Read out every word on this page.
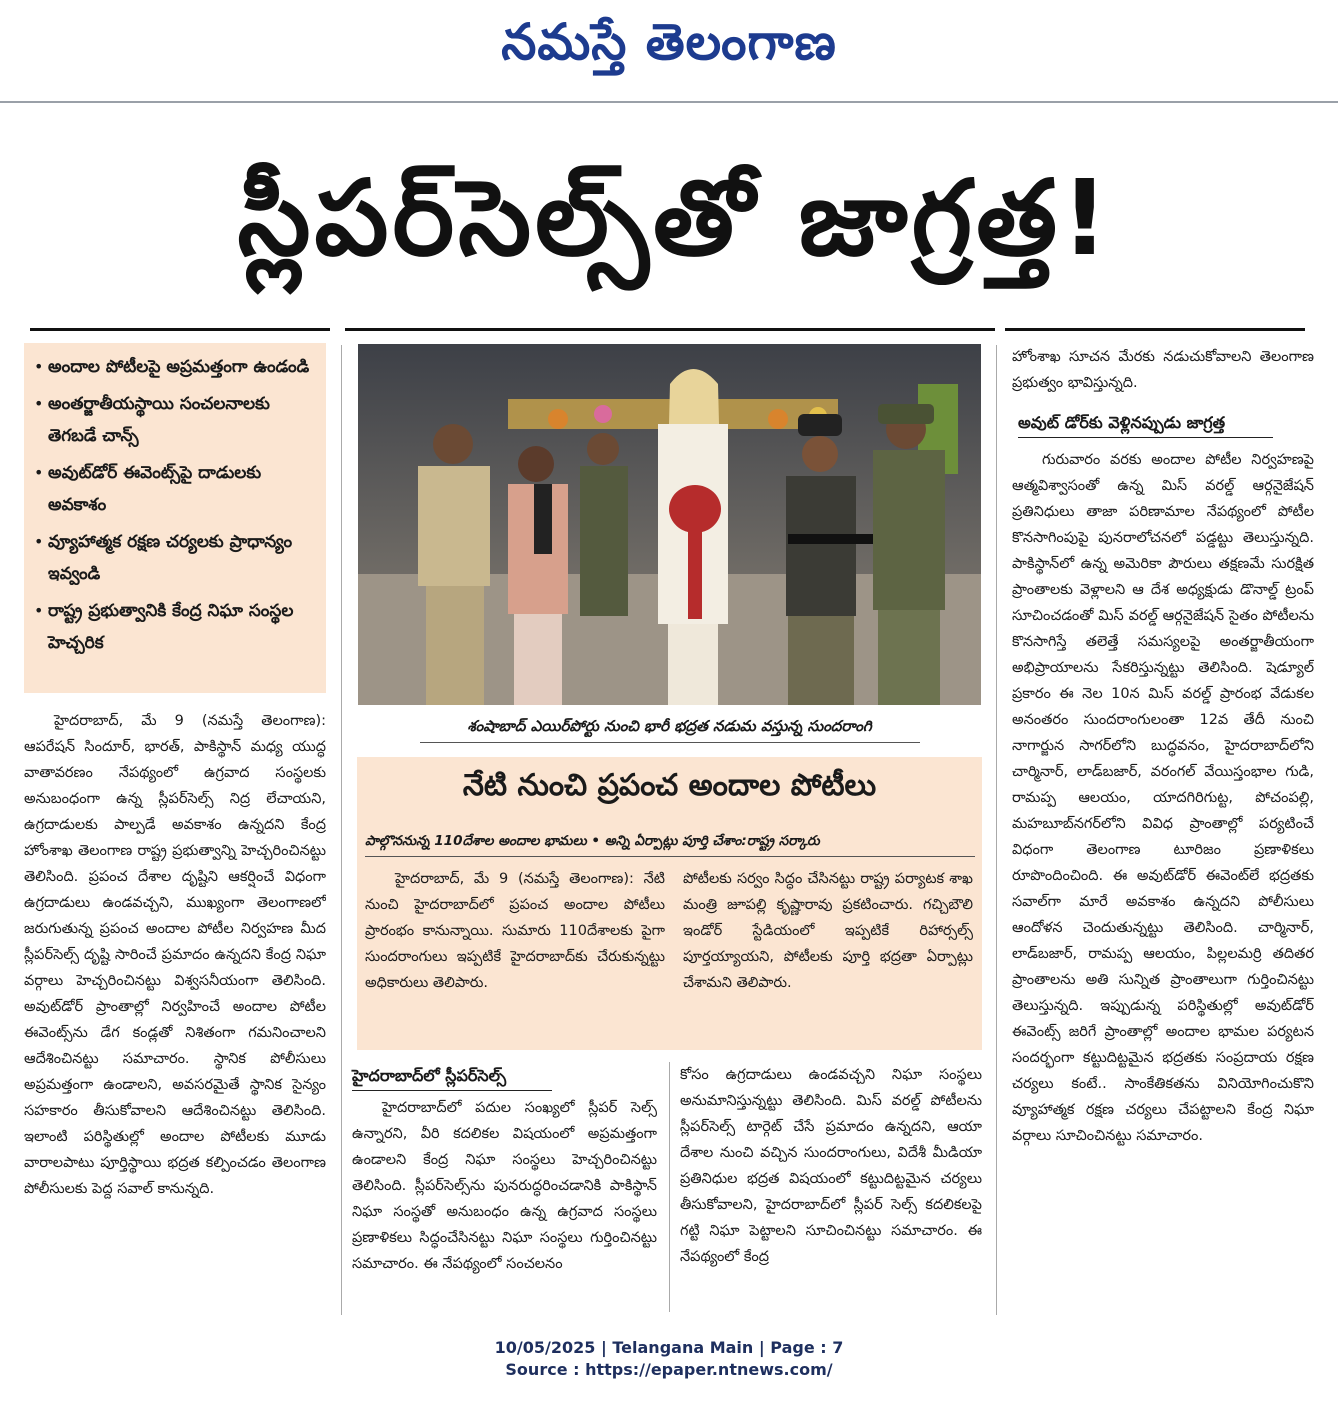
నమస్తే తెలంగాణ
స్లీపర్‌సెల్స్‌తో జాగ్రత్త!
• అందాల పోటీలపై అప్రమత్తంగా ఉండండి
• అంతర్జాతీయస్థాయి సంచలనాలకు తెగబడే చాన్స్
• అవుట్‌డోర్ ఈవెంట్స్‌పై దాడులకు అవకాశం
• వ్యూహాత్మక రక్షణ చర్యలకు ప్రాధాన్యం ఇవ్వండి
• రాష్ట్ర ప్రభుత్వానికి కేంద్ర నిఘా సంస్థల హెచ్చరిక

హైదరాబాద్, మే 9 (నమస్తే తెలంగాణ): ఆపరేషన్ సిందూర్, భారత్, పాకిస్థాన్ మధ్య యుద్ధ వాతావరణం నేపథ్యంలో ఉగ్రవాద సంస్థలకు అనుబంధంగా ఉన్న స్లీపర్‌సెల్స్ నిద్ర లేచాయని, ఉగ్రదాడులకు పాల్పడే అవకాశం ఉన్నదని కేంద్ర హోంశాఖ తెలంగాణ రాష్ట్ర ప్రభుత్వాన్ని హెచ్చరించినట్టు తెలిసింది. ప్రపంచ దేశాల దృష్టిని ఆకర్షించే విధంగా ఉగ్రదాడులు ఉండవచ్చని, ముఖ్యంగా తెలంగాణలో జరుగుతున్న ప్రపంచ అందాల పోటీల నిర్వహణ మీద స్లీపర్‌సెల్స్ దృష్టి సారించే ప్రమాదం ఉన్నదని కేంద్ర నిఘా వర్గాలు హెచ్చరించినట్టు విశ్వసనీయంగా తెలిసింది. అవుట్‌డోర్ ప్రాంతాల్లో నిర్వహించే అందాల పోటీల ఈవెంట్స్‌ను డేగ కండ్లతో నిశితంగా గమనించాలని ఆదేశించినట్టు సమాచారం. స్థానిక పోలీసులు అప్రమత్తంగా ఉండాలని, అవసరమైతే స్థానిక సైన్యం సహకారం తీసుకోవాలని ఆదేశించినట్టు తెలిసింది. ఇలాంటి పరిస్థితుల్లో అందాల పోటీలకు మూడు వారాలపాటు పూర్తిస్థాయి భద్రత కల్పించడం తెలంగాణ పోలీసులకు పెద్ద సవాల్ కానున్నది.

శంషాబాద్ ఎయిర్‌పోర్టు నుంచి భారీ భద్రత నడుమ వస్తున్న సుందరాంగి
నేటి నుంచి ప్రపంచ అందాల పోటీలు
పాల్గొననున్న 110దేశాల అందాల భామలు • అన్ని ఏర్పాట్లు పూర్తి చేశాం:రాష్ట్ర సర్కారు

హైదరాబాద్, మే 9 (నమస్తే తెలంగాణ): నేటి నుంచి హైదరాబాద్‌లో ప్రపంచ అందాల పోటీలు ప్రారంభం కానున్నాయి. సుమారు 110దేశాలకు పైగా సుందరాంగులు ఇప్పటికే హైదరాబాద్‌కు చేరుకున్నట్టు అధికారులు తెలిపారు.

పోటీలకు సర్వం సిద్ధం చేసినట్టు రాష్ట్ర పర్యాటక శాఖ మంత్రి జూపల్లి కృష్ణారావు ప్రకటించారు. గచ్చిబౌలి ఇండోర్ స్టేడియంలో ఇప్పటికే రిహార్సల్స్ పూర్తయ్యాయని, పోటీలకు పూర్తి భద్రతా ఏర్పాట్లు చేశామని తెలిపారు.

హైదరాబాద్‌లో స్లీపర్‌సెల్స్

హైదరాబాద్‌లో పదుల సంఖ్యలో స్లీపర్ సెల్స్ ఉన్నారని, వీరి కదలికల విషయంలో అప్రమత్తంగా ఉండాలని కేంద్ర నిఘా సంస్థలు హెచ్చరించినట్టు తెలిసింది. స్లీపర్‌సెల్స్‌ను పునరుద్ధరించడానికి పాకిస్థాన్ నిఘా సంస్థతో అనుబంధం ఉన్న ఉగ్రవాద సంస్థలు ప్రణాళికలు సిద్ధంచేసినట్టు నిఘా సంస్థలు గుర్తించినట్టు సమాచారం. ఈ నేపథ్యంలో సంచలనం

కోసం ఉగ్రదాడులు ఉండవచ్చని నిఘా సంస్థలు అనుమానిస్తున్నట్టు తెలిసింది. మిస్ వరల్డ్ పోటీలను స్లీపర్‌సెల్స్ టార్గెట్ చేసే ప్రమాదం ఉన్నదని, ఆయా దేశాల నుంచి వచ్చిన సుందరాంగులు, విదేశీ మీడియా ప్రతినిధుల భద్రత విషయంలో కట్టుదిట్టమైన చర్యలు తీసుకోవాలని, హైదరాబాద్‌లో స్లీపర్ సెల్స్ కదలికలపై గట్టి నిఘా పెట్టాలని సూచించినట్టు సమాచారం. ఈ నేపథ్యంలో కేంద్ర

హోంశాఖ సూచన మేరకు నడుచుకోవాలని తెలంగాణ ప్రభుత్వం భావిస్తున్నది.

అవుట్ డోర్‌కు వెళ్లినప్పుడు జాగ్రత్త

గురువారం వరకు అందాల పోటీల నిర్వహణపై ఆత్మవిశ్వాసంతో ఉన్న మిస్ వరల్డ్ ఆర్గనైజేషన్ ప్రతినిధులు తాజా పరిణామాల నేపథ్యంలో పోటీల కొనసాగింపుపై పునరాలోచనలో పడ్డట్టు తెలుస్తున్నది. పాకిస్థాన్‌లో ఉన్న అమెరికా పౌరులు తక్షణమే సురక్షిత ప్రాంతాలకు వెళ్లాలని ఆ దేశ అధ్యక్షుడు డొనాల్డ్ ట్రంప్ సూచించడంతో మిస్ వరల్డ్ ఆర్గనైజేషన్ సైతం పోటీలను కొనసాగిస్తే తలెత్తే సమస్యలపై అంతర్జాతీయంగా అభిప్రాయాలను సేకరిస్తున్నట్టు తెలిసింది. షెడ్యూల్ ప్రకారం ఈ నెల 10న మిస్ వరల్డ్ ప్రారంభ వేడుకల అనంతరం సుందరాంగులంతా 12వ తేదీ నుంచి నాగార్జున సాగర్‌లోని బుద్ధవనం, హైదరాబాద్‌లోని చార్మినార్, లాడ్‌బజార్, వరంగల్ వేయిస్తంభాల గుడి, రామప్ప ఆలయం, యాదగిరిగుట్ట, పోచంపల్లి, మహబూబ్‌నగర్‌లోని వివిధ ప్రాంతాల్లో పర్యటించే విధంగా తెలంగాణ టూరిజం ప్రణాళికలు రూపొందించింది. ఈ అవుట్‌డోర్ ఈవెంట్‌లే భద్రతకు సవాల్‌గా మారే అవకాశం ఉన్నదని పోలీసులు ఆందోళన చెందుతున్నట్టు తెలిసింది. చార్మినార్, లాడ్‌బజార్, రామప్ప ఆలయం, పిల్లలమర్రి తదితర ప్రాంతాలను అతి సున్నిత ప్రాంతాలుగా గుర్తించినట్టు తెలుస్తున్నది. ఇప్పుడున్న పరిస్థితుల్లో అవుట్‌డోర్ ఈవెంట్స్ జరిగే ప్రాంతాల్లో అందాల భామల పర్యటన సందర్భంగా కట్టుదిట్టమైన భద్రతకు సంప్రదాయ రక్షణ చర్యలు కంటే.. సాంకేతికతను వినియోగించుకొని వ్యూహాత్మక రక్షణ చర్యలు చేపట్టాలని కేంద్ర నిఘా వర్గాలు సూచించినట్టు సమాచారం.

10/05/2025 | Telangana Main | Page : 7
Source : https://epaper.ntnews.com/
